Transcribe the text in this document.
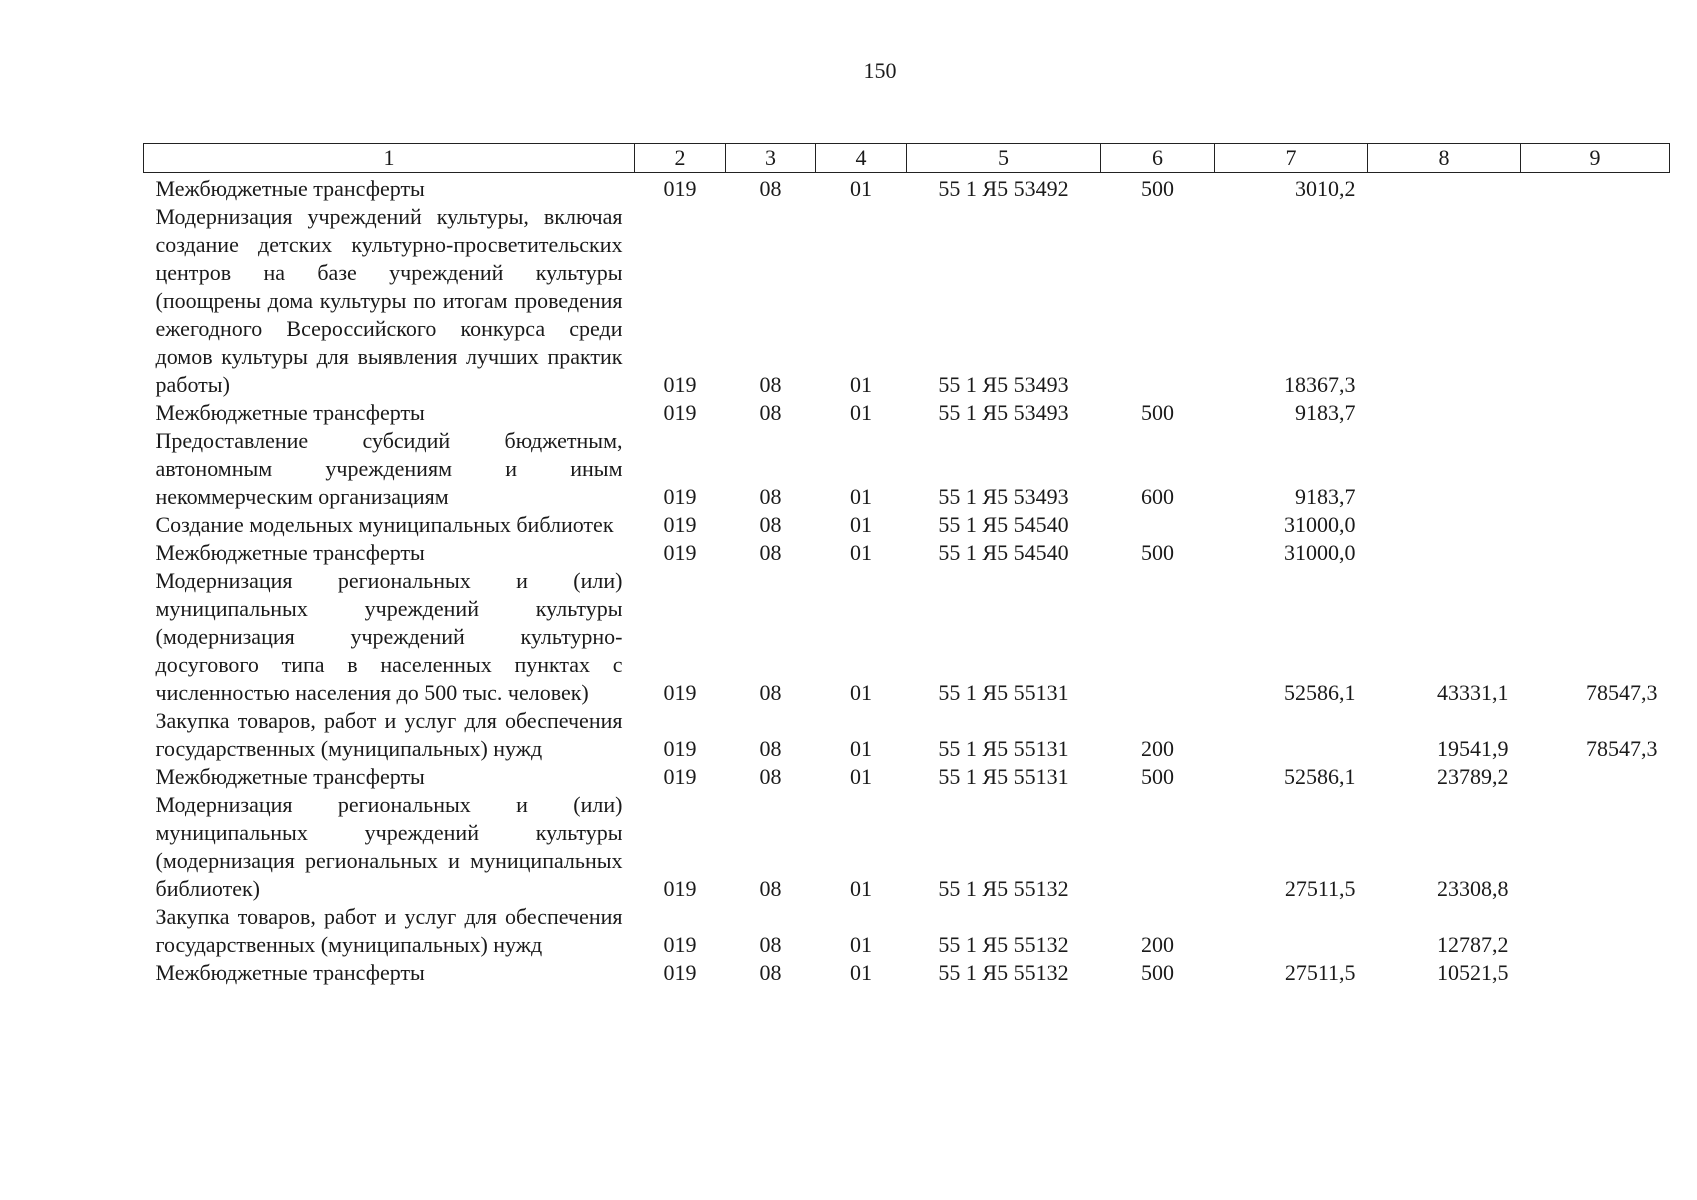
150
1	2	3	4	5	6	7	8	9
Межбюджетные трансферты	019	08	01	55 1 Я5 53492	500	3010,2		
Модернизация учреждений культуры, включая создание детских культурно-просветительских центров на базе учреждений культуры (поощрены дома культуры по итогам проведения ежегодного Всероссийского конкурса среди домов культуры для выявления лучших практик работы)	019	08	01	55 1 Я5 53493		18367,3		
Межбюджетные трансферты	019	08	01	55 1 Я5 53493	500	9183,7		
Предоставление субсидий бюджетным, автономным учреждениям и иным некоммерческим организациям	019	08	01	55 1 Я5 53493	600	9183,7		
Создание модельных муниципальных библиотек	019	08	01	55 1 Я5 54540		31000,0		
Межбюджетные трансферты	019	08	01	55 1 Я5 54540	500	31000,0		
Модернизация региональных и (или) муниципальных учреждений культуры (модернизация учреждений культурно-досугового типа в населенных пунктах с численностью населения до 500 тыс. человек)	019	08	01	55 1 Я5 55131		52586,1	43331,1	78547,3
Закупка товаров, работ и услуг для обеспечения государственных (муниципальных) нужд	019	08	01	55 1 Я5 55131	200		19541,9	78547,3
Межбюджетные трансферты	019	08	01	55 1 Я5 55131	500	52586,1	23789,2	
Модернизация региональных и (или) муниципальных учреждений культуры (модернизация региональных и муниципальных библиотек)	019	08	01	55 1 Я5 55132		27511,5	23308,8	
Закупка товаров, работ и услуг для обеспечения государственных (муниципальных) нужд	019	08	01	55 1 Я5 55132	200		12787,2	
Межбюджетные трансферты	019	08	01	55 1 Я5 55132	500	27511,5	10521,5	
